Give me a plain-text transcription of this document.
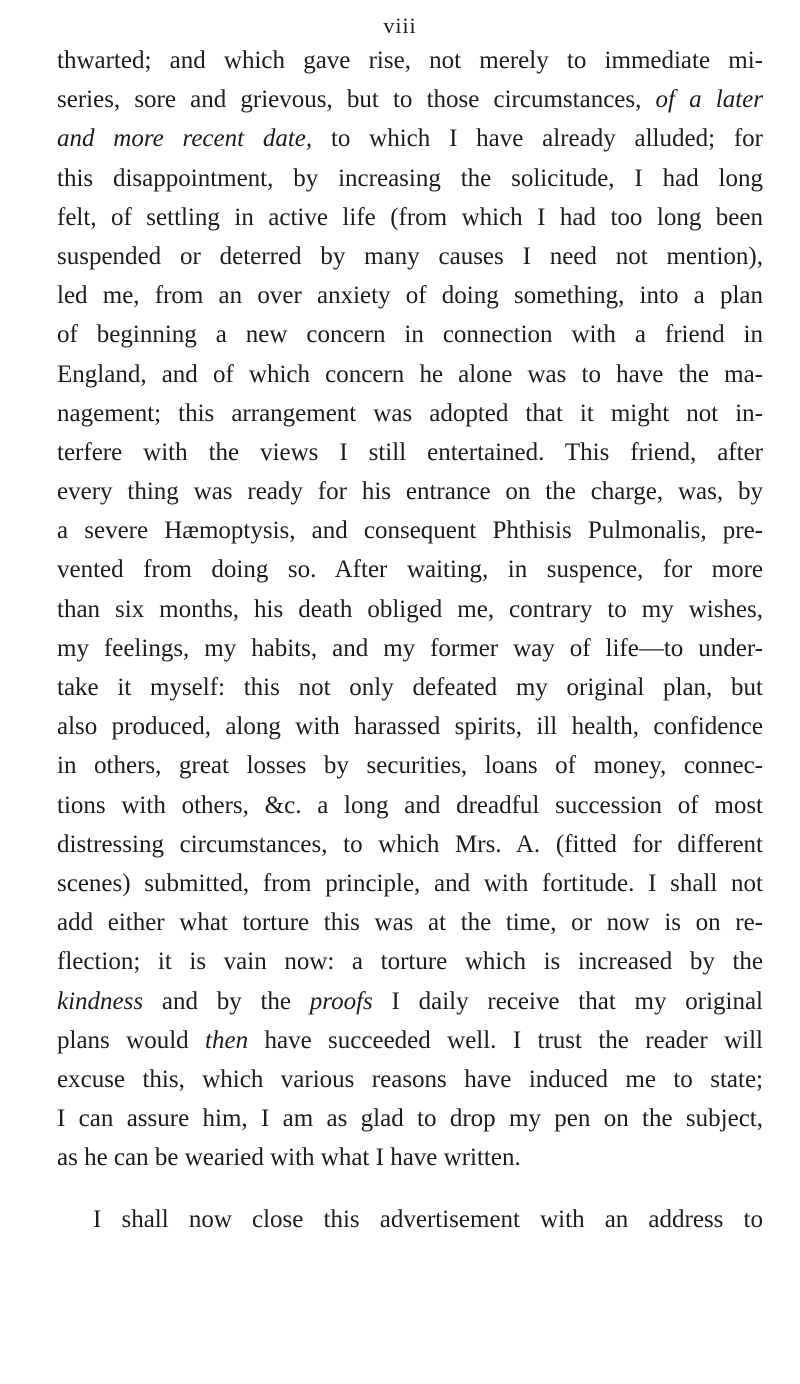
viii
thwarted; and which gave rise, not merely to immediate mi-
series, sore and grievous, but to those circumstances, of a later
and more recent date, to which I have already alluded; for
this disappointment, by increasing the solicitude, I had long
felt, of settling in active life (from which I had too long been
suspended or deterred by many causes I need not mention),
led me, from an over anxiety of doing something, into a plan
of beginning a new concern in connection with a friend in
England, and of which concern he alone was to have the ma-
nagement; this arrangement was adopted that it might not in-
terfere with the views I still entertained. This friend, after
every thing was ready for his entrance on the charge, was, by
a severe Hæmoptysis, and consequent Phthisis Pulmonalis, pre-
vented from doing so. After waiting, in suspence, for more
than six months, his death obliged me, contrary to my wishes,
my feelings, my habits, and my former way of life—to under-
take it myself: this not only defeated my original plan, but
also produced, along with harassed spirits, ill health, confidence
in others, great losses by securities, loans of money, connec-
tions with others, &c. a long and dreadful succession of most
distressing circumstances, to which Mrs. A. (fitted for different
scenes) submitted, from principle, and with fortitude. I shall not
add either what torture this was at the time, or now is on re-
flection; it is vain now: a torture which is increased by the
kindness and by the proofs I daily receive that my original
plans would then have succeeded well. I trust the reader will
excuse this, which various reasons have induced me to state;
I can assure him, I am as glad to drop my pen on the subject,
as he can be wearied with what I have written.
I shall now close this advertisement with an address to
